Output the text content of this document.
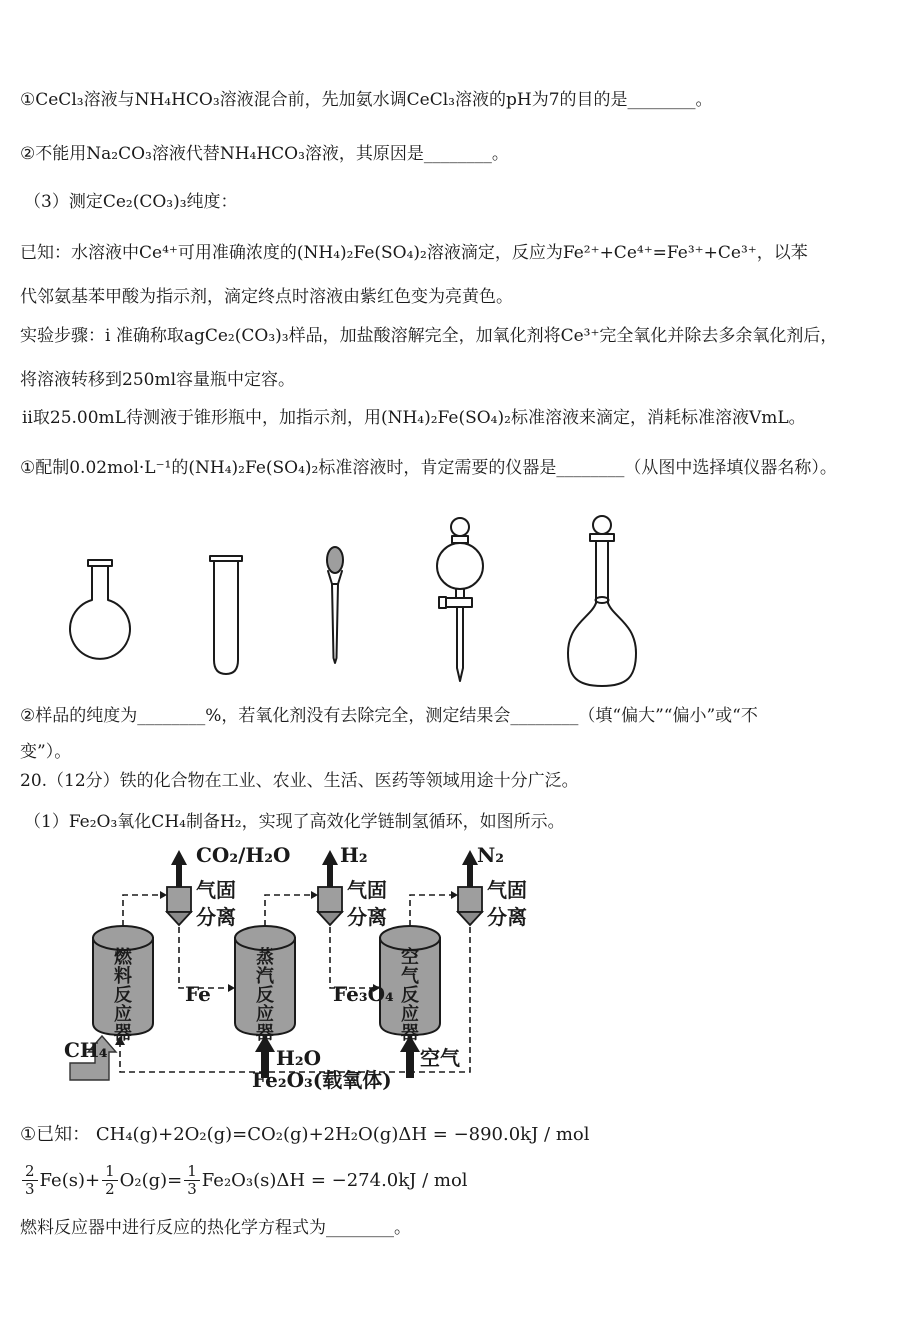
①CeCl₃溶液与NH₄HCO₃溶液混合前，先加氨水调CeCl₃溶液的pH为7的目的是________。
②不能用Na₂CO₃溶液代替NH₄HCO₃溶液，其原因是________。
（3）测定Ce₂(CO₃)₃纯度：
已知：水溶液中Ce⁴⁺可用准确浓度的(NH₄)₂Fe(SO₄)₂溶液滴定，反应为Fe²⁺+Ce⁴⁺=Fe³⁺+Ce³⁺，以苯
代邻氨基苯甲酸为指示剂，滴定终点时溶液由紫红色变为亮黄色。
实验步骤：i 准确称取agCe₂(CO₃)₃样品，加盐酸溶解完全，加氧化剂将Ce³⁺完全氧化并除去多余氧化剂后，
将溶液转移到250ml容量瓶中定容。
ii取25.00mL待测液于锥形瓶中，加指示剂，用(NH₄)₂Fe(SO₄)₂标准溶液来滴定，消耗标准溶液VmL。
①配制0.02mol·L⁻¹的(NH₄)₂Fe(SO₄)₂标准溶液时，肯定需要的仪器是________（从图中选择填仪器名称）。
②样品的纯度为________%，若氧化剂没有去除完全，测定结果会________（填“偏大”“偏小”或“不
变”）。
20.（12分）铁的化合物在工业、农业、生活、医药等领域用途十分广泛。
（1）Fe₂O₃氧化CH₄制备H₂，实现了高效化学链制氢循环，如图所示。
①已知： CH₄(g)+2O₂(g)=CO₂(g)+2H₂O(g)ΔH = −890.0kJ / mol
$\frac{2}{3} Fe(s)+ \frac{1}{2} O_2(g)= \frac{1}{3} Fe_2O_3(s)\Delta H = -274.0kJ$ / mol
燃料反应器中进行反应的热化学方程式为________。
CO₂/H₂O H₂	N₂
气固
分离
气固
分离
气固
分离
燃料反应器	蒸汽反应器	空气反应器
Fe	Fe₃O₄
Fe₂O₃(载氧体)
CH₄	H₂O	空气
